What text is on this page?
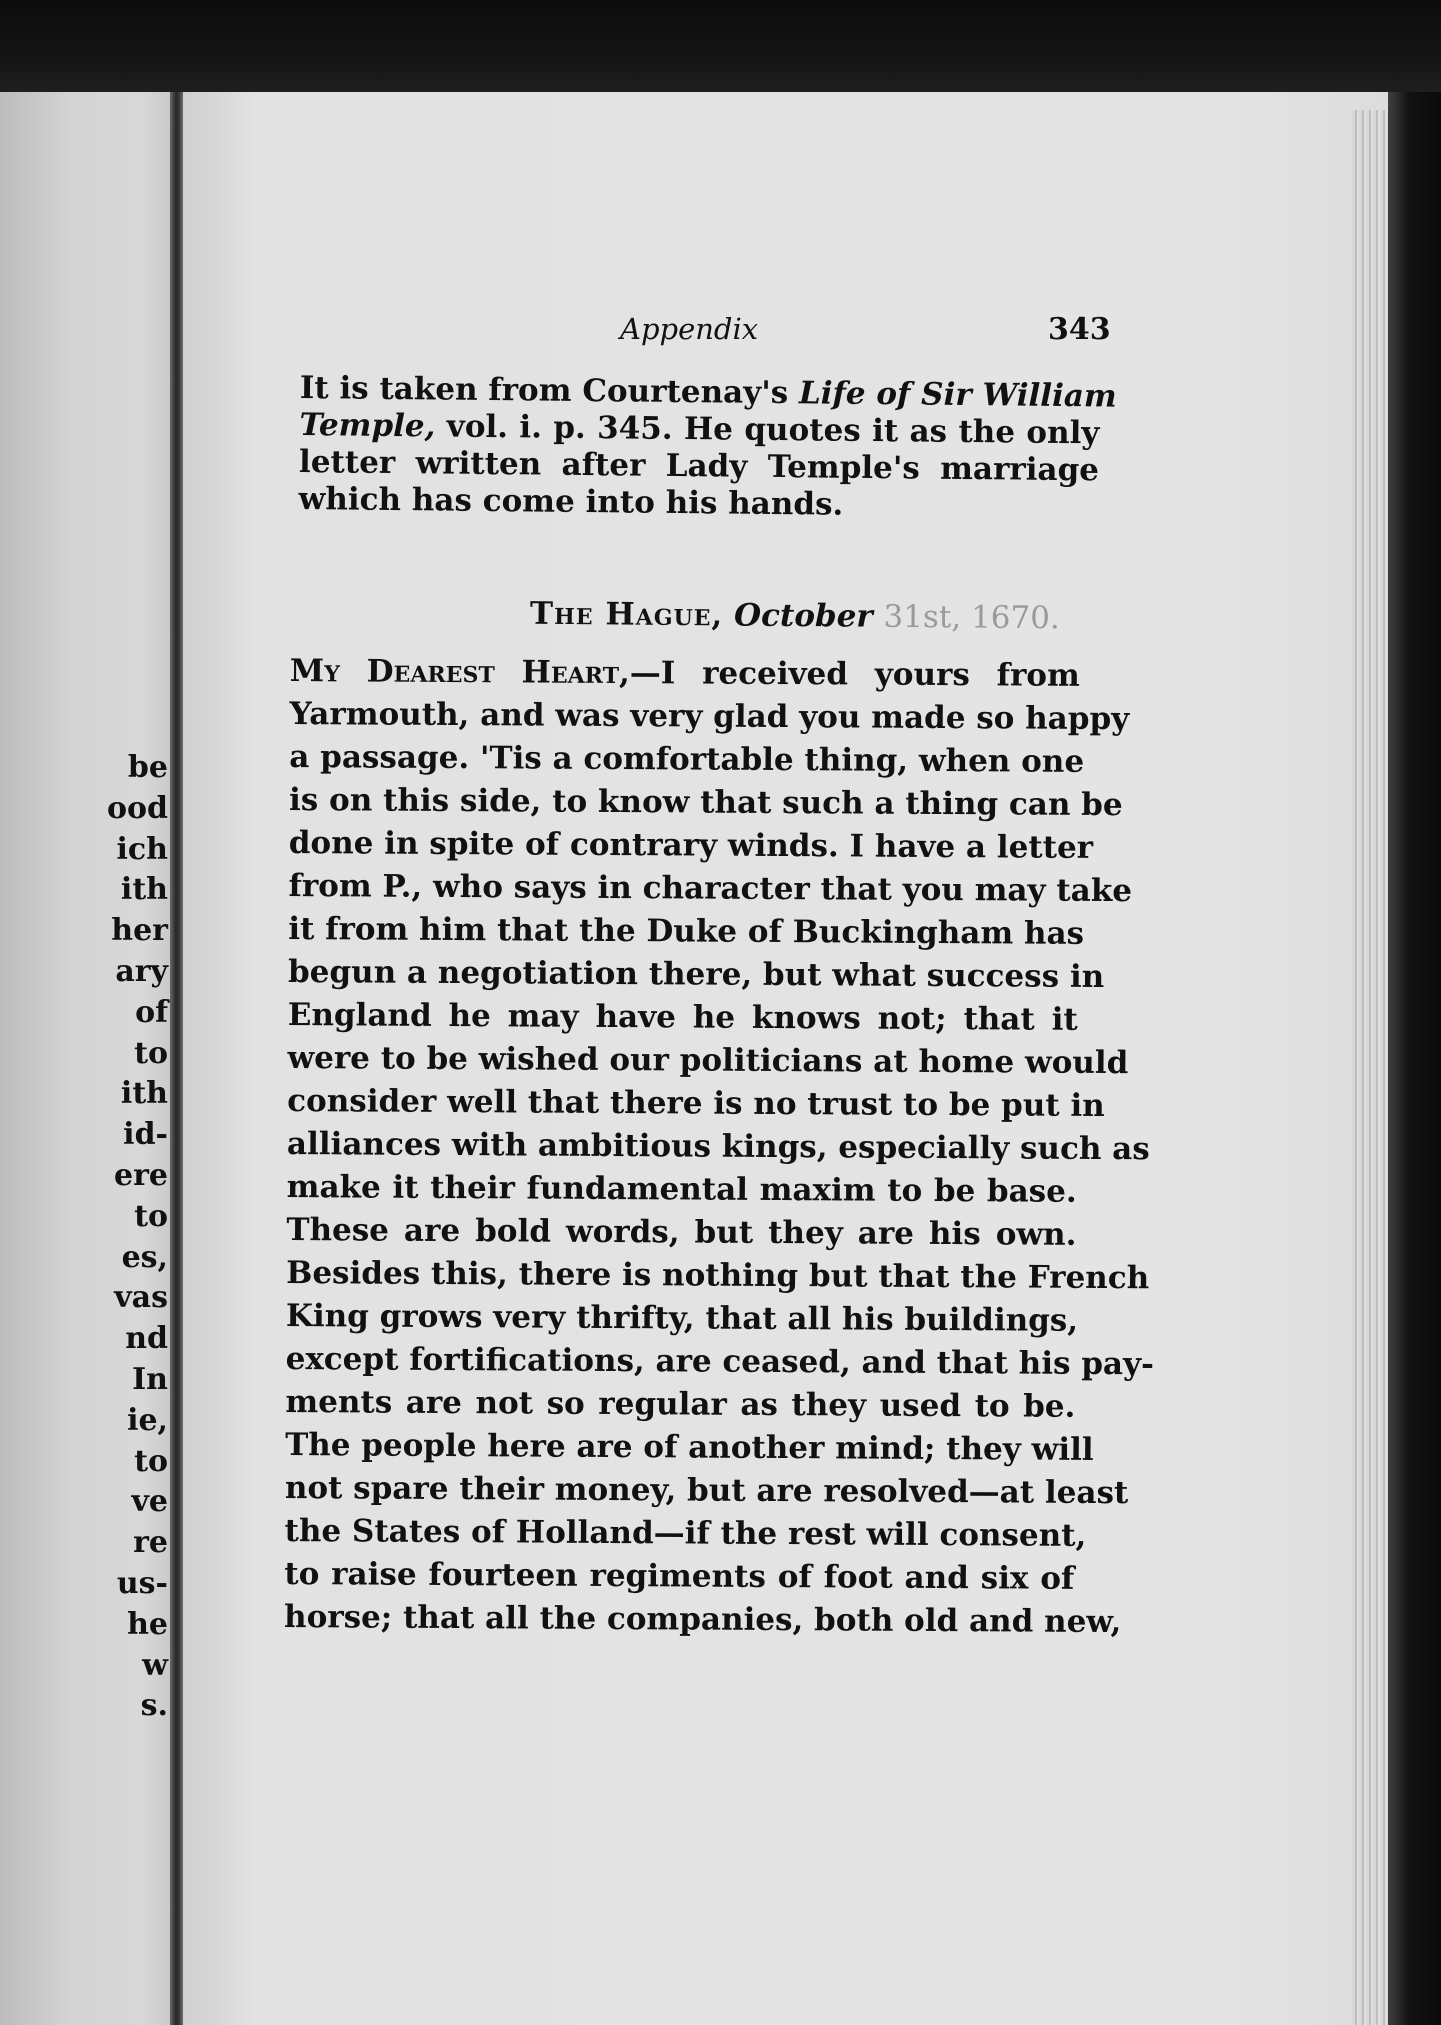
be
ood
ich
ith
her
ary
of
to
ith
id-
ere
to
es,
vas
nd
In
ie,
to
ve
re
us-
he
w
s.
Appendix	343
It is taken from Courtenay's Life of Sir William
Temple, vol. i. p. 345. He quotes it as the only
letter written after Lady Temple's marriage
which has come into his hands.
The Hague, October 31st, 1670.
My Dearest Heart,—I received yours from
Yarmouth, and was very glad you made so happy
a passage. 'Tis a comfortable thing, when one
is on this side, to know that such a thing can be
done in spite of contrary winds. I have a letter
from P., who says in character that you may take
it from him that the Duke of Buckingham has
begun a negotiation there, but what success in
England he may have he knows not; that it
were to be wished our politicians at home would
consider well that there is no trust to be put in
alliances with ambitious kings, especially such as
make it their fundamental maxim to be base.
These are bold words, but they are his own.
Besides this, there is nothing but that the French
King grows very thrifty, that all his buildings,
except fortifications, are ceased, and that his pay-
ments are not so regular as they used to be.
The people here are of another mind; they will
not spare their money, but are resolved—at least
the States of Holland—if the rest will consent,
to raise fourteen regiments of foot and six of
horse; that all the companies, both old and new,
